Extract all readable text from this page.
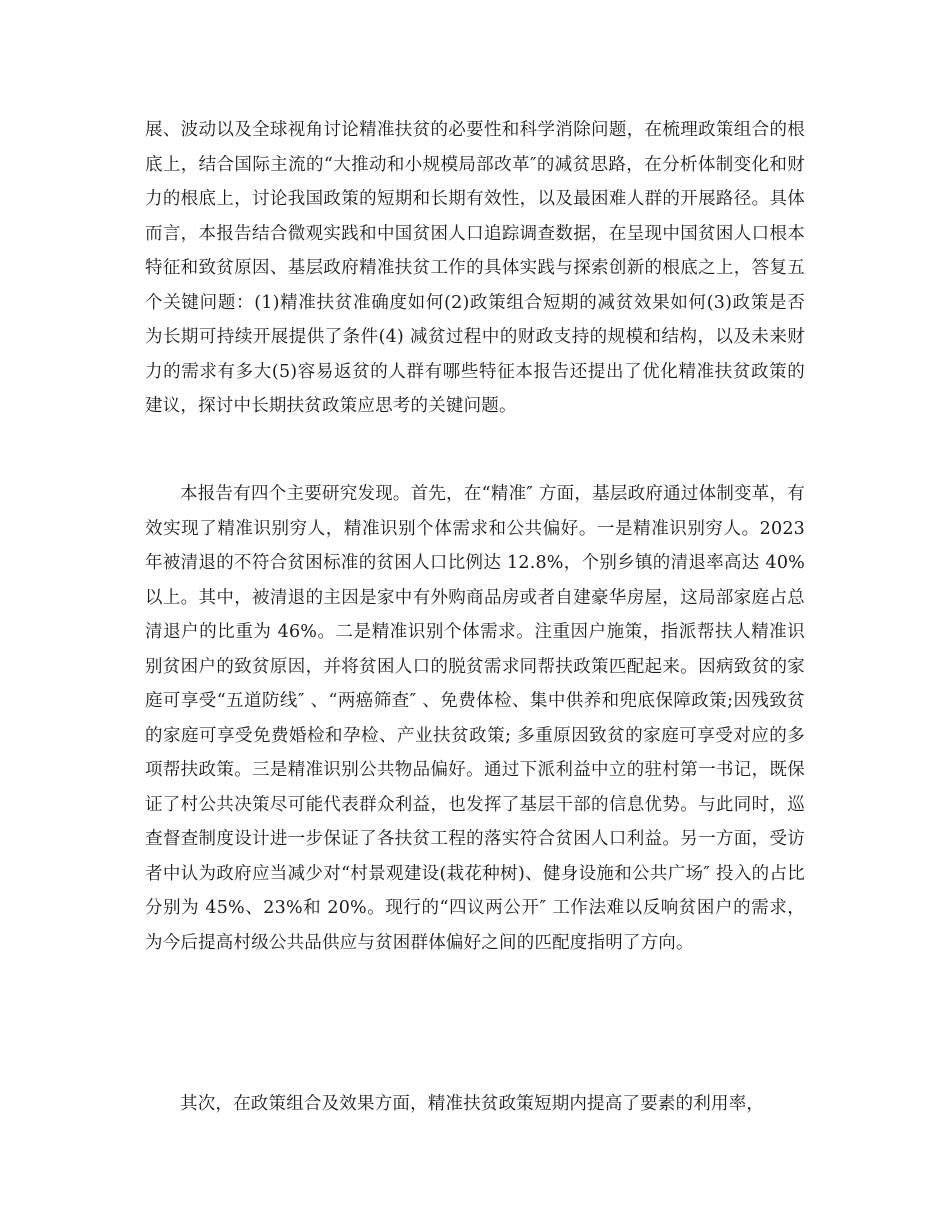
展、波动以及全球视角讨论精准扶贫的必要性和科学消除问题，在梳理政策组合的根底上，结合国际主流的“大推动和小规模局部改革″的减贫思路，在分析体制变化和财力的根底上，讨论我国政策的短期和长期有效性，以及最困难人群的开展路径。具体而言，本报告结合微观实践和中国贫困人口追踪调查数据，在呈现中国贫困人口根本特征和致贫原因、基层政府精准扶贫工作的具体实践与探索创新的根底之上，答复五个关键问题：(1)精准扶贫准确度如何(2)政策组合短期的减贫效果如何(3)政策是否为长期可持续开展提供了条件(4) 减贫过程中的财政支持的规模和结构，以及未来财力的需求有多大(5)容易返贫的人群有哪些特征本报告还提出了优化精准扶贫政策的建议，探讨中长期扶贫政策应思考的关键问题。

本报告有四个主要研究发现。首先，在“精准″ 方面，基层政府通过体制变革，有效实现了精准识别穷人，精准识别个体需求和公共偏好。一是精准识别穷人。2023 年被清退的不符合贫困标准的贫困人口比例达 12.8%，个别乡镇的清退率高达 40%以上。其中，被清退的主因是家中有外购商品房或者自建豪华房屋，这局部家庭占总清退户的比重为 46%。二是精准识别个体需求。注重因户施策，指派帮扶人精准识别贫困户的致贫原因，并将贫困人口的脱贫需求同帮扶政策匹配起来。因病致贫的家庭可享受“五道防线″ 、“两癌筛查″ 、免费体检、集中供养和兜底保障政策;因残致贫的家庭可享受免费婚检和孕检、产业扶贫政策; 多重原因致贫的家庭可享受对应的多项帮扶政策。三是精准识别公共物品偏好。通过下派利益中立的驻村第一书记，既保证了村公共决策尽可能代表群众利益，也发挥了基层干部的信息优势。与此同时，巡查督查制度设计进一步保证了各扶贫工程的落实符合贫困人口利益。另一方面，受访者中认为政府应当减少对“村景观建设(栽花种树)、健身设施和公共广场″ 投入的占比分别为 45%、23%和 20%。现行的“四议两公开″ 工作法难以反响贫困户的需求， 为今后提高村级公共品供应与贫困群体偏好之间的匹配度指明了方向。

其次，在政策组合及效果方面，精准扶贫政策短期内提高了要素的利用率，
